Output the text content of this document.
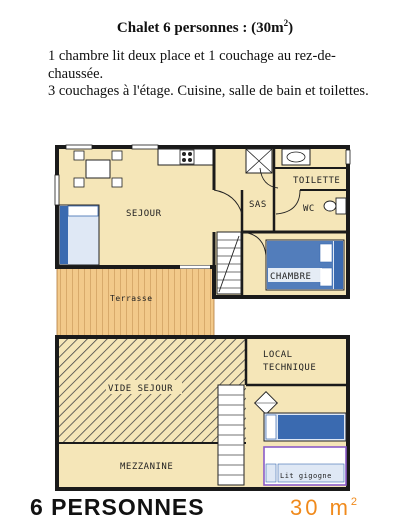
Chalet 6 personnes : $(30m^2)$

1 chambre lit deux place et 1 couchage au rez-de-chaussée.

3 couchages à l'étage. Cuisine, salle de bain et toilettes.

SEJOUR
SAS
TOILETTE
WC
CHAMBRE
Terrasse
VIDE SEJOUR
LOCAL
TECHNIQUE
MEZZANINE
Lit gigogne
6 PERSONNES	30 $m^2$
